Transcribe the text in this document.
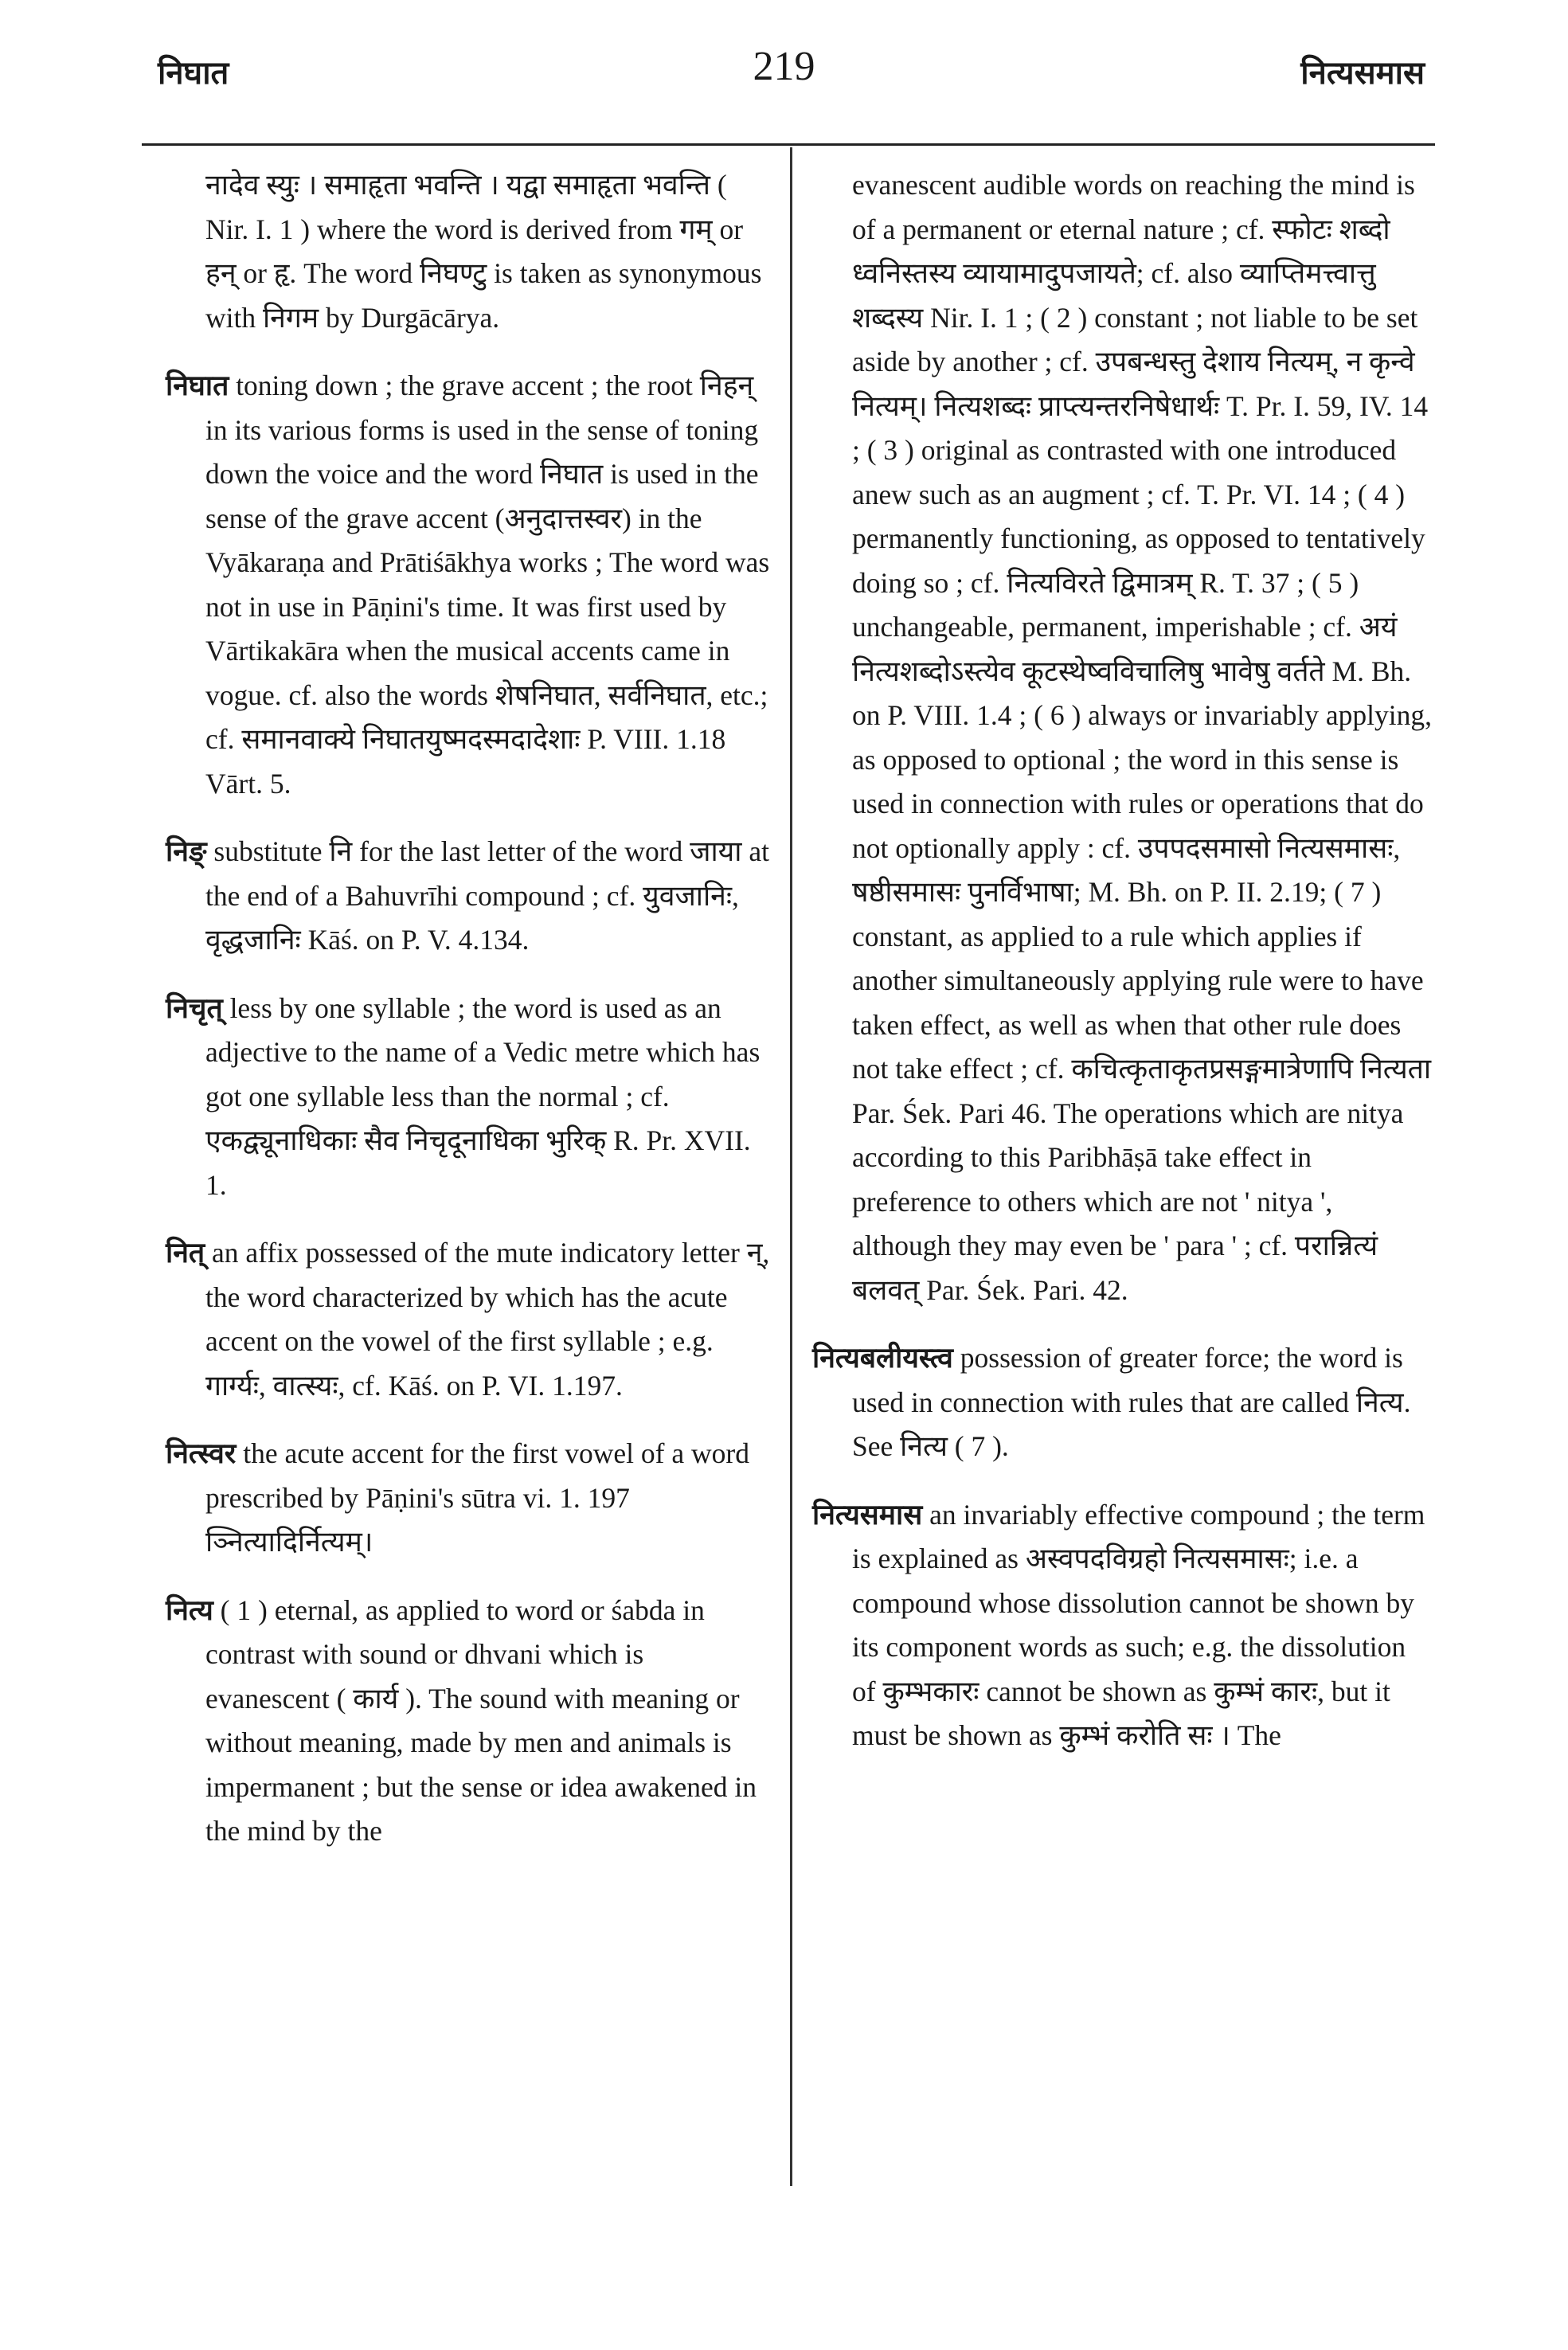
निघात	219	नित्यसमास

नादेव स्युः । समाहृता भवन्ति । यद्वा समाहृता भवन्ति ( Nir. I. 1 ) where the word is derived from गम् or हन् or हृ. The word निघण्टु is taken as synonymous with निगम by Durgācārya.

निघात toning down ; the grave accent ; the root निहन् in its various forms is used in the sense of toning down the voice and the word निघात is used in the sense of the grave accent (अनुदात्तस्वर) in the Vyākaraṇa and Prātiśākhya works ; The word was not in use in Pāṇini's time. It was first used by Vārtikakāra when the musical accents came in vogue. cf. also the words शेषनिघात, सर्वनिघात, etc.; cf. समानवाक्ये निघातयुष्मदस्मदादेशाः P. VIII. 1.18 Vārt. 5.

निङ् substitute नि for the last letter of the word जाया at the end of a Bahuvrīhi compound ; cf. युवजानिः, वृद्धजानिः Kāś. on P. V. 4.134.

निचृत् less by one syllable ; the word is used as an adjective to the name of a Vedic metre which has got one syllable less than the normal ; cf. एकद्व्यूनाधिकाः सैव निचृदूनाधिका भुरिक् R. Pr. XVII. 1.

नित् an affix possessed of the mute indicatory letter न्, the word characterized by which has the acute accent on the vowel of the first syllable ; e.g. गार्ग्यः, वात्स्यः, cf. Kāś. on P. VI. 1.197.

नित्स्वर the acute accent for the first vowel of a word prescribed by Pāṇini's sūtra vi. 1. 197 ञ्नित्यादिर्नित्यम्।

नित्य ( 1 ) eternal, as applied to word or śabda in contrast with sound or dhvani which is evanescent ( कार्य ). The sound with meaning or without meaning, made by men and animals is impermanent ; but the sense or idea awakened in the mind by the

evanescent audible words on reaching the mind is of a permanent or eternal nature ; cf. स्फोटः शब्दो ध्वनिस्तस्य व्यायामादुपजायते; cf. also व्याप्तिमत्त्वात्तु शब्दस्य Nir. I. 1 ; ( 2 ) constant ; not liable to be set aside by another ; cf. उपबन्धस्तु देशाय नित्यम्, न कृन्वे नित्यम्। नित्यशब्दः प्राप्त्यन्तरनिषेधार्थः T. Pr. I. 59, IV. 14 ; ( 3 ) original as contrasted with one introduced anew such as an augment ; cf. T. Pr. VI. 14 ; ( 4 ) permanently functioning, as opposed to tentatively doing so ; cf. नित्यविरते द्विमात्रम् R. T. 37 ; ( 5 ) unchangeable, permanent, imperishable ; cf. अयं नित्यशब्दोऽस्त्येव कूटस्थेष्वविचालिषु भावेषु वर्तते M. Bh. on P. VIII. 1.4 ; ( 6 ) always or invariably applying, as opposed to optional ; the word in this sense is used in connection with rules or operations that do not optionally apply : cf. उपपदसमासो नित्यसमासः, षष्ठीसमासः पुनर्विभाषा; M. Bh. on P. II. 2.19; ( 7 ) constant, as applied to a rule which applies if another simultaneously applying rule were to have taken effect, as well as when that other rule does not take effect ; cf. कचित्कृताकृतप्रसङ्गमात्रेणापि नित्यता Par. Śek. Pari 46. The operations which are nitya according to this Paribhāṣā take effect in preference to others which are not ' nitya ', although they may even be ' para ' ; cf. परान्नित्यं बलवत् Par. Śek. Pari. 42.

नित्यबलीयस्त्व possession of greater force; the word is used in connection with rules that are called नित्य. See नित्य ( 7 ).

नित्यसमास an invariably effective compound ; the term is explained as अस्वपदविग्रहो नित्यसमासः; i.e. a compound whose dissolution cannot be shown by its component words as such; e.g. the dissolution of कुम्भकारः cannot be shown as कुम्भं कारः, but it must be shown as कुम्भं करोति सः । The
